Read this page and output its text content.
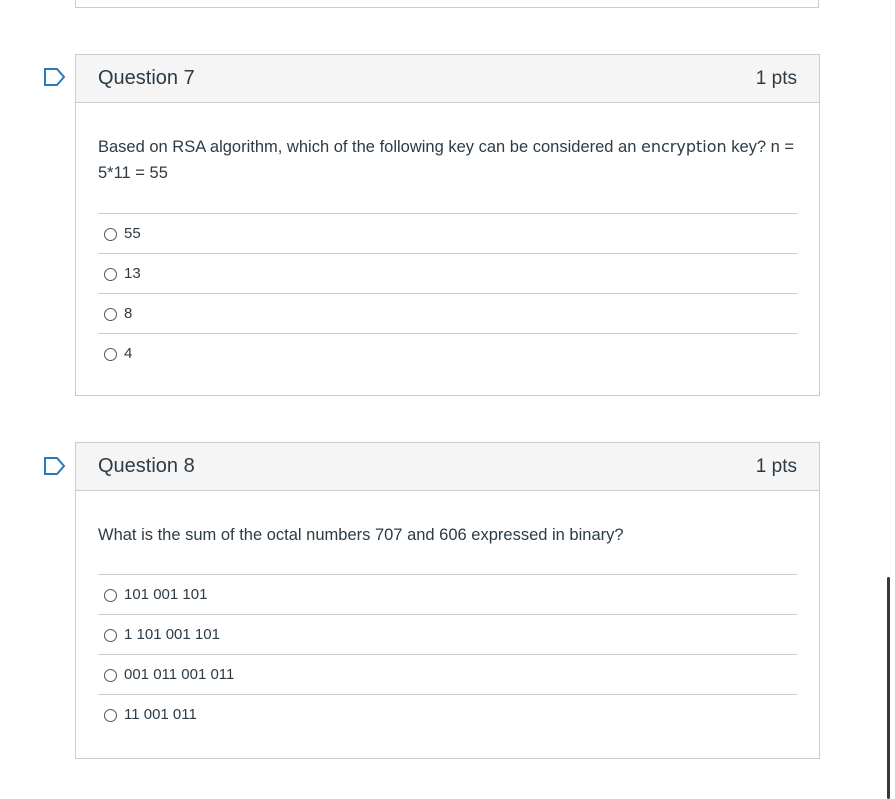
Question 7	1 pts

Based on RSA algorithm, which of the following key can be considered an encryption key? n = 5*11 = 55

55
13
8
4
Question 8	1 pts

What is the sum of the octal numbers 707 and 606 expressed in binary?

101 001 101
1 101 001 101
001 011 001 011
11 001 011
